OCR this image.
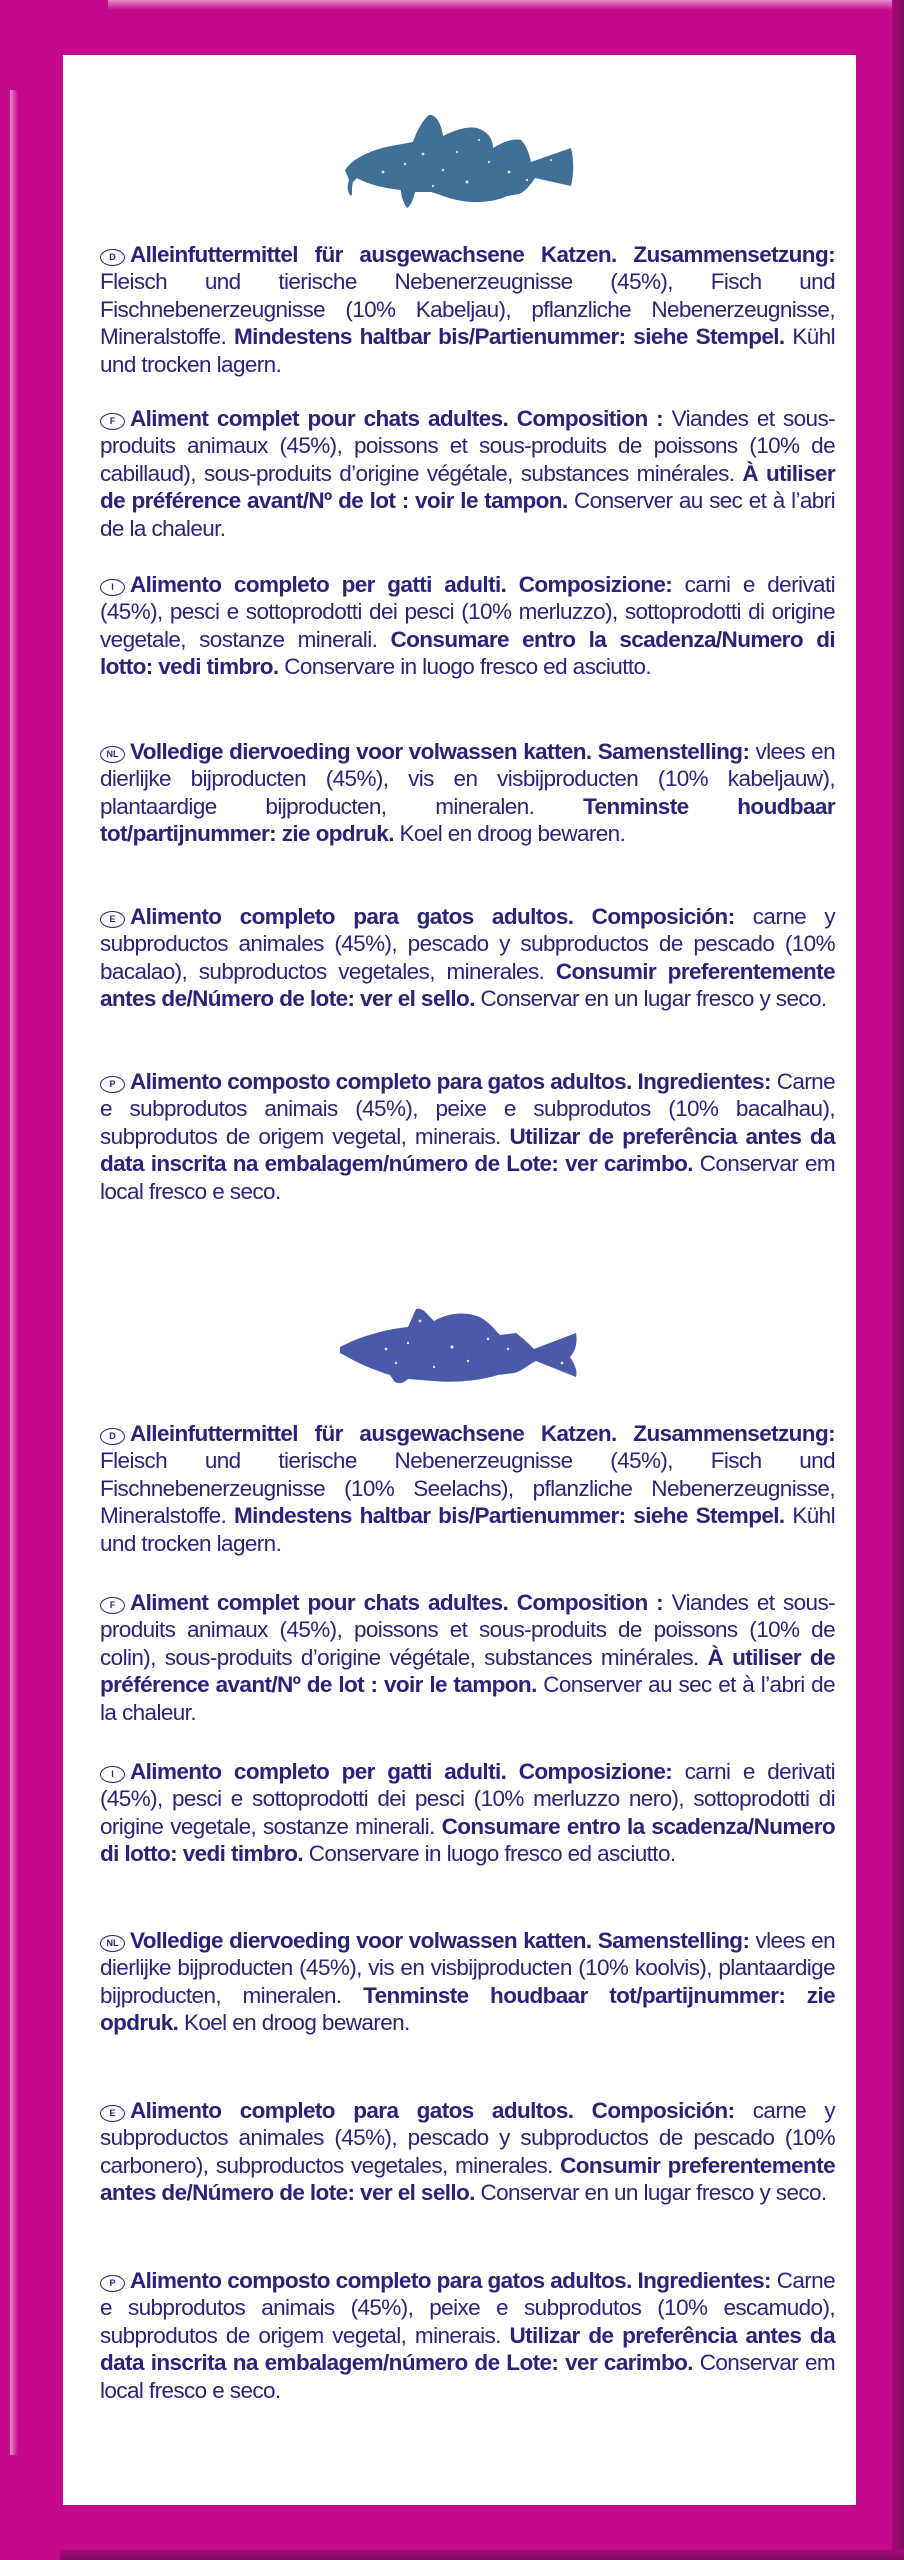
D Alleinfuttermittel für ausgewachsene Katzen. Zusammensetzung: Fleisch und tierische Nebenerzeugnisse (45%), Fisch und Fischnebenerzeugnisse (10% Kabeljau), pflanzliche Nebenerzeugnisse, Mineralstoffe. Mindestens haltbar bis/Partienummer: siehe Stempel. Kühl und trocken lagern.
F Aliment complet pour chats adultes. Composition : Viandes et sous-produits animaux (45%), poissons et sous-produits de poissons (10% de cabillaud), sous-produits d’origine végétale, substances minérales. À utiliser de préférence avant/Nº de lot : voir le tampon. Conserver au sec et à l’abri de la chaleur.
I Alimento completo per gatti adulti. Composizione: carni e derivati (45%), pesci e sottoprodotti dei pesci (10% merluzzo), sottoprodotti di origine vegetale, sostanze minerali. Consumare entro la scadenza/Numero di lotto: vedi timbro. Conservare in luogo fresco ed asciutto.
NL Volledige diervoeding voor volwassen katten. Samenstelling: vlees en dierlijke bijproducten (45%), vis en visbijproducten (10% kabeljauw), plantaardige bijproducten, mineralen. Tenminste houdbaar tot/partijnummer: zie opdruk. Koel en droog bewaren.
E Alimento completo para gatos adultos. Composición: carne y subproductos animales (45%), pescado y subproductos de pescado (10% bacalao), subproductos vegetales, minerales. Consumir preferentemente antes de/Número de lote: ver el sello. Conservar en un lugar fresco y seco.
P Alimento composto completo para gatos adultos. Ingredientes: Carne e subprodutos animais (45%), peixe e subprodutos (10% bacalhau), subprodutos de origem vegetal, minerais. Utilizar de preferência antes da data inscrita na embalagem/número de Lote: ver carimbo. Conservar em local fresco e seco.
D Alleinfuttermittel für ausgewachsene Katzen. Zusammensetzung: Fleisch und tierische Nebenerzeugnisse (45%), Fisch und Fischnebenerzeugnisse (10% Seelachs), pflanzliche Nebenerzeugnisse, Mineralstoffe. Mindestens haltbar bis/Partienummer: siehe Stempel. Kühl und trocken lagern.
F Aliment complet pour chats adultes. Composition : Viandes et sous-produits animaux (45%), poissons et sous-produits de poissons (10% de colin), sous-produits d’origine végétale, substances minérales. À utiliser de préférence avant/Nº de lot : voir le tampon. Conserver au sec et à l’abri de la chaleur.
I Alimento completo per gatti adulti. Composizione: carni e derivati (45%), pesci e sottoprodotti dei pesci (10% merluzzo nero), sottoprodotti di origine vegetale, sostanze minerali. Consumare entro la scadenza/Numero di lotto: vedi timbro. Conservare in luogo fresco ed asciutto.
NL Volledige diervoeding voor volwassen katten. Samenstelling: vlees en dierlijke bijproducten (45%), vis en visbijproducten (10% koolvis), plantaardige bijproducten, mineralen. Tenminste houdbaar tot/partijnummer: zie opdruk. Koel en droog bewaren.
E Alimento completo para gatos adultos. Composición: carne y subproductos animales (45%), pescado y subproductos de pescado (10% carbonero), subproductos vegetales, minerales. Consumir preferentemente antes de/Número de lote: ver el sello. Conservar en un lugar fresco y seco.
P Alimento composto completo para gatos adultos. Ingredientes: Carne e subprodutos animais (45%), peixe e subprodutos (10% escamudo), subprodutos de origem vegetal, minerais. Utilizar de preferência antes da data inscrita na embalagem/número de Lote: ver carimbo. Conservar em local fresco e seco.
